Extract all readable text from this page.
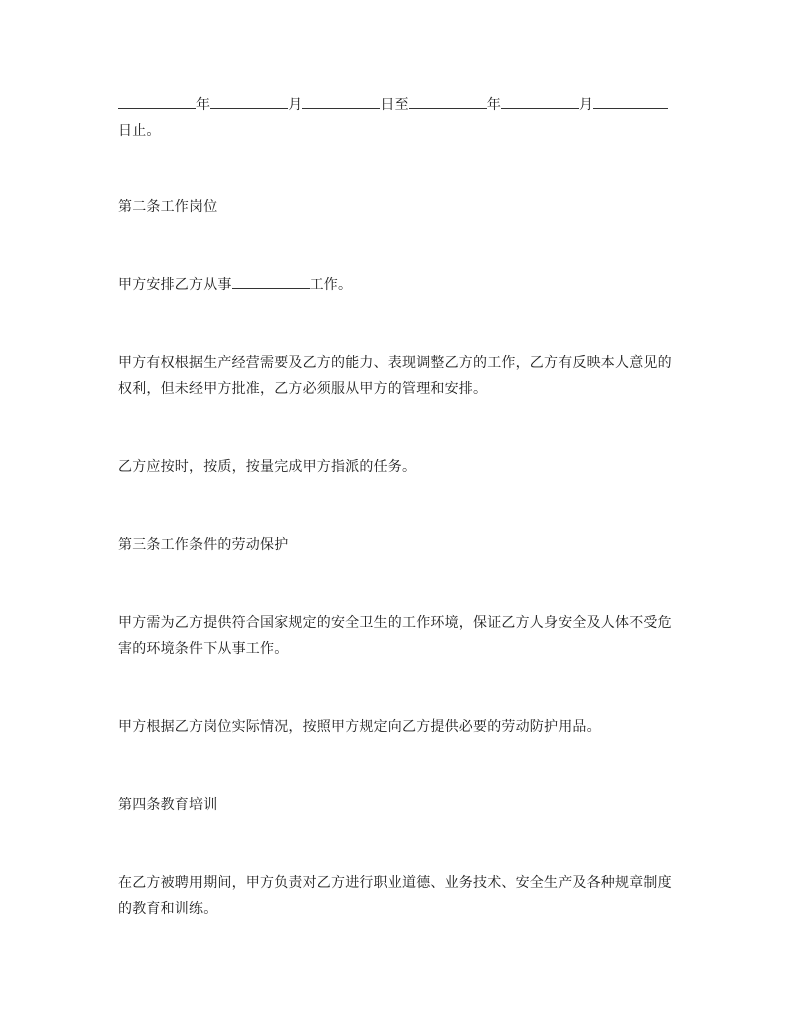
年	月	日至	年	月
日止。
第二条工作岗位
甲方安排乙方从事	工作。
甲方有权根据生产经营需要及乙方的能力、表现调整乙方的工作，乙方有反映本人意见的权利，但未经甲方批准，乙方必须服从甲方的管理和安排。
乙方应按时，按质，按量完成甲方指派的任务。
第三条工作条件的劳动保护
甲方需为乙方提供符合国家规定的安全卫生的工作环境，保证乙方人身安全及人体不受危害的环境条件下从事工作。
甲方根据乙方岗位实际情况，按照甲方规定向乙方提供必要的劳动防护用品。
第四条教育培训
在乙方被聘用期间，甲方负责对乙方进行职业道德、业务技术、安全生产及各种规章制度的教育和训练。
